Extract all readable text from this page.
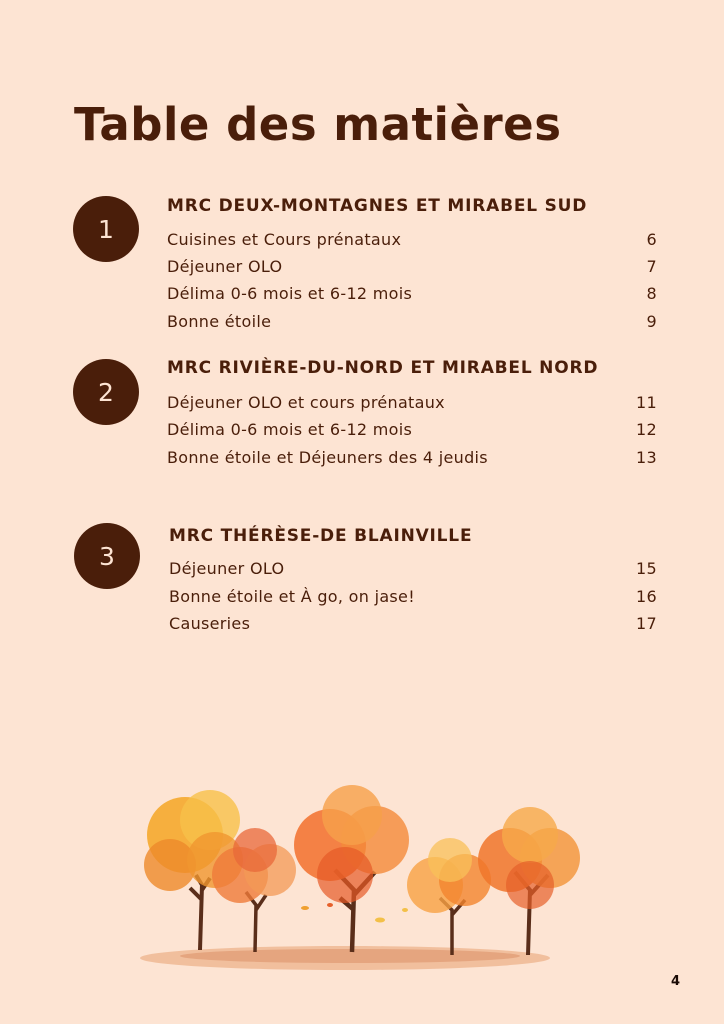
Table des matières
1
MRC DEUX-MONTAGNES ET MIRABEL SUD
Cuisines et Cours prénataux	6
Déjeuner OLO	7
Délima 0-6 mois et 6-12 mois	8
Bonne étoile	9
2
MRC RIVIÈRE-DU-NORD ET MIRABEL NORD
Déjeuner OLO et cours prénataux	11
Délima 0-6 mois et 6-12 mois	12
Bonne étoile et Déjeuners des 4 jeudis	13
3
MRC THÉRÈSE-DE BLAINVILLE
Déjeuner OLO	15
Bonne étoile et À go, on jase!	16
Causeries	17
4
